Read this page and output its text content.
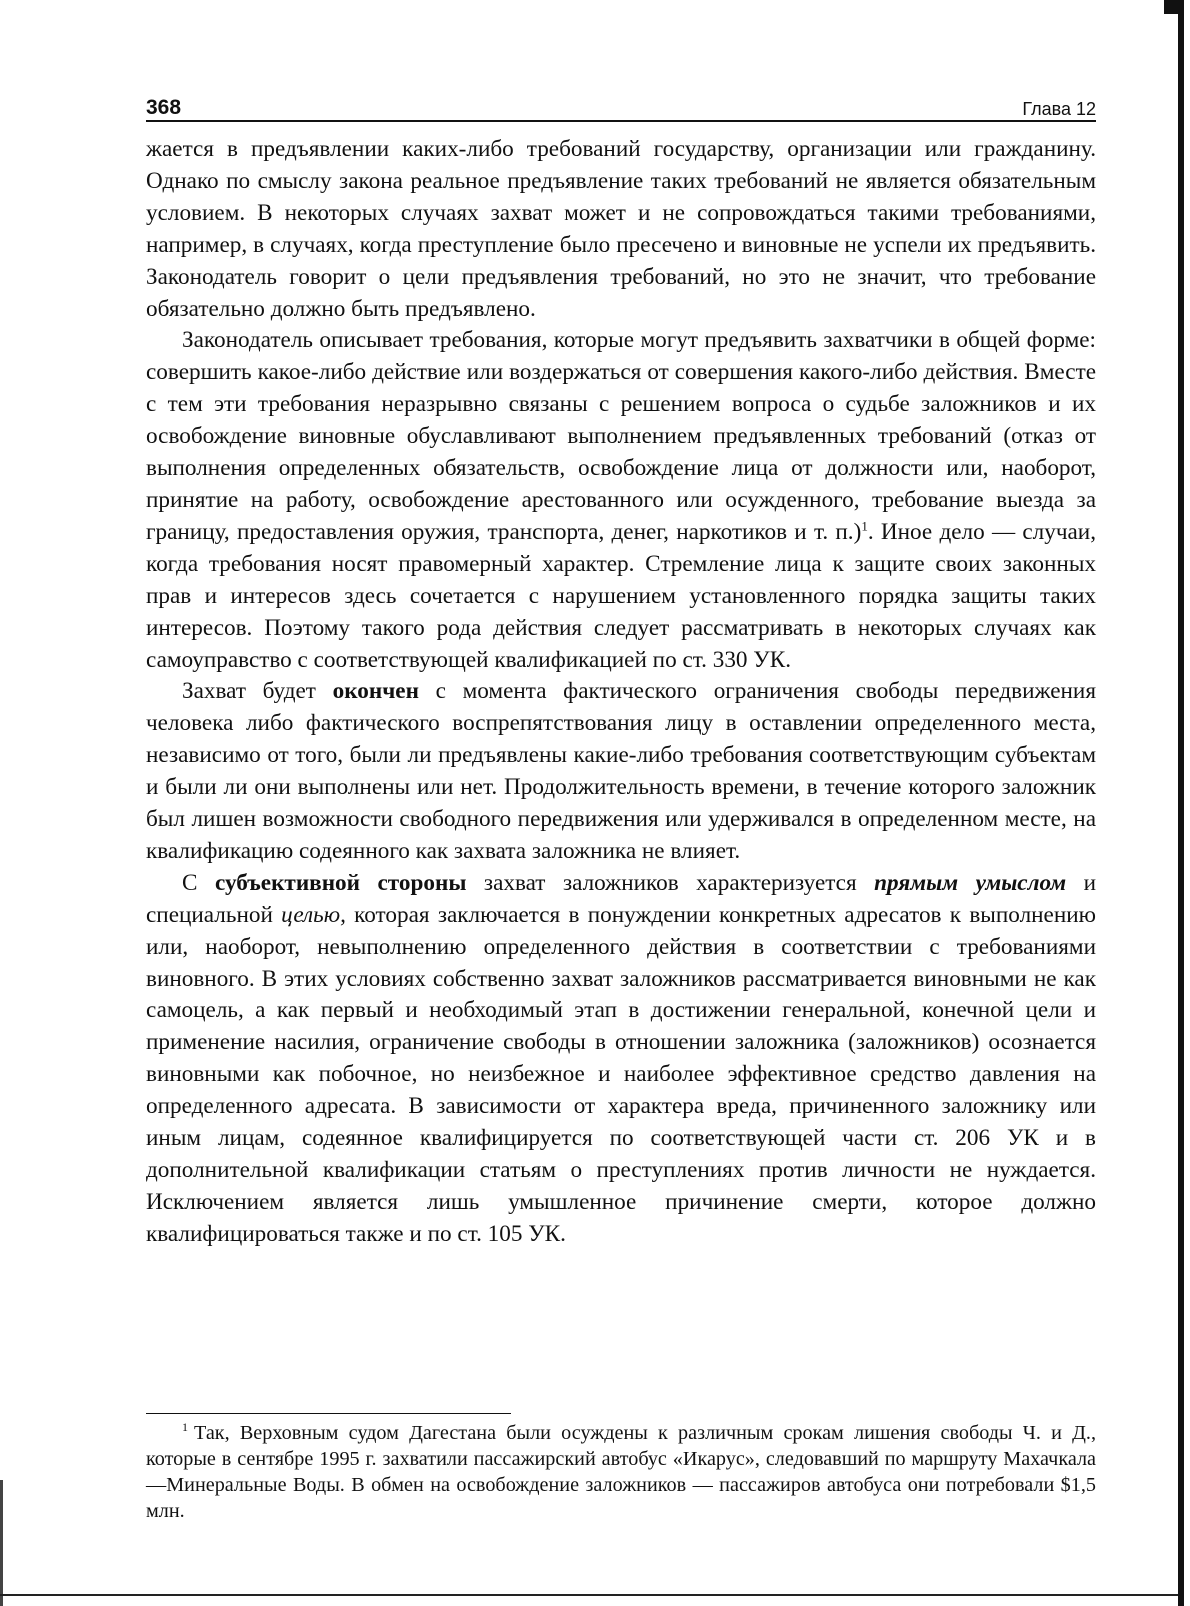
368	Глава 12

жается в предъявлении каких-либо требований государству, организации или гражданину. Однако по смыслу закона реальное предъявление таких требований не является обязательным условием. В некоторых случаях захват может и не сопровождаться такими требованиями, например, в случаях, когда преступление было пресечено и виновные не успели их предъявить. Законодатель говорит о цели предъявления требований, но это не значит, что требование обязательно должно быть предъявлено.

Законодатель описывает требования, которые могут предъявить захватчики в общей форме: совершить какое-либо действие или воздержаться от совершения какого-либо действия. Вместе с тем эти требования неразрывно связаны с решением вопроса о судьбе заложников и их освобождение виновные обуславливают выполнением предъявленных требований (отказ от выполнения определенных обязательств, освобождение лица от должности или, наоборот, принятие на работу, освобождение арестованного или осужденного, требование выезда за границу, предоставления оружия, транспорта, денег, наркотиков и т. п.)$^1$. Иное дело — случаи, когда требования носят правомерный характер. Стремление лица к защите своих законных прав и интересов здесь сочетается с нарушением установленного порядка защиты таких интересов. Поэтому такого рода действия следует рассматривать в некоторых случаях как самоуправство с соответствующей квалификацией по ст. 330 УК.

Захват будет окончен с момента фактического ограничения свободы передвижения человека либо фактического воспрепятствования лицу в оставлении определенного места, независимо от того, были ли предъявлены какие-либо требования соответствующим субъектам и были ли они выполнены или нет. Продолжительность времени, в течение которого заложник был лишен возможности свободного передвижения или удерживался в определенном месте, на квалификацию содеянного как захвата заложника не влияет.

С субъективной стороны захват заложников характеризуется прямым умыслом и специальной целью, которая заключается в понуждении конкретных адресатов к выполнению или, наоборот, невыполнению определенного действия в соответствии с требованиями виновного. В этих условиях собственно захват заложников рассматривается виновными не как самоцель, а как первый и необходимый этап в достижении генеральной, конечной цели и применение насилия, ограничение свободы в отношении заложника (заложников) осознается виновными как побочное, но неизбежное и наиболее эффективное средство давления на определенного адресата. В зависимости от характера вреда, причиненного заложнику или иным лицам, содеянное квалифицируется по соответствующей части ст. 206 УК и в дополнительной квалификации статьям о преступлениях против личности не нуждается. Исключением является лишь умышленное причинение смерти, которое должно квалифицироваться также и по ст. 105 УК.

$^1$ Так, Верховным судом Дагестана были осуждены к различным срокам лишения свободы Ч. и Д., которые в сентябре 1995 г. захватили пассажирский автобус «Икарус», следовавший по маршруту Махачкала—Минеральные Воды. В обмен на освобождение заложников — пассажиров автобуса они потребовали $1,5 млн.
